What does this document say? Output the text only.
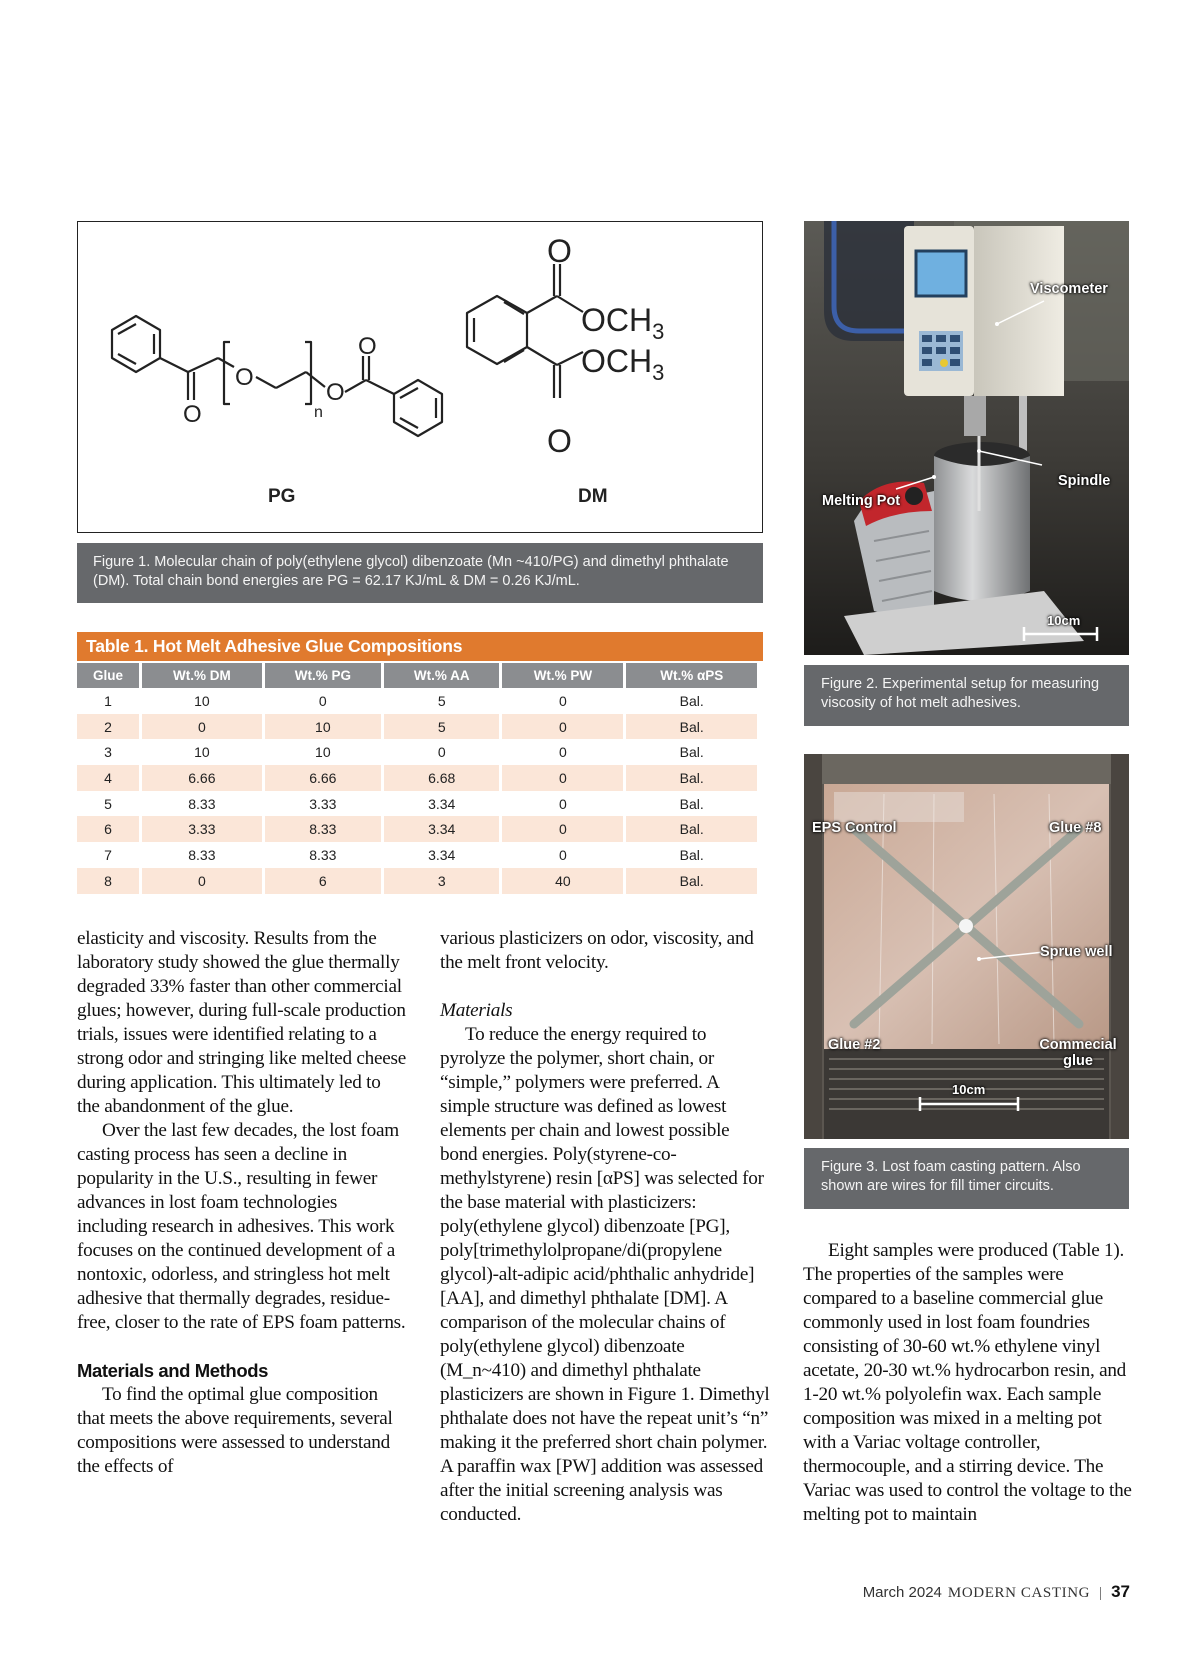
O
O
n
O
O
O
O
$OCH_3$
$OCH_3$
PG	DM
Figure 1. Molecular chain of poly(ethylene glycol) dibenzoate (Mn ~410/PG) and dimethyl phthalate (DM). Total chain bond energies are PG = 62.17 KJ/mL & DM = 0.26 KJ/mL.
Table 1. Hot Melt Adhesive Glue Compositions
Glue	Wt.% DM	Wt.% PG	Wt.% AA	Wt.% PW	Wt.% αPS
1	10	0	5	0	Bal.
2	0	10	5	0	Bal.
3	10	10	0	0	Bal.
4	6.66	6.66	6.68	0	Bal.
5	8.33	3.33	3.34	0	Bal.
6	3.33	8.33	3.34	0	Bal.
7	8.33	8.33	3.34	0	Bal.
8	0	6	3	40	Bal.
Viscometer
Spindle
Melting Pot
10cm
Figure 2. Experimental setup for measuring viscosity of hot melt adhesives.
EPS Control	Glue #8
Sprue well
Glue #2	Commecial glue
10cm
Figure 3. Lost foam casting pattern. Also shown are wires for fill timer circuits.

elasticity and viscosity. Results from the laboratory study showed the glue thermally degraded 33% faster than other commercial glues; however, during full-scale production trials, issues were identified relating to a strong odor and stringing like melted cheese during application. This ultimately led to the abandonment of the glue.

Over the last few decades, the lost foam casting process has seen a decline in popularity in the U.S., resulting in fewer advances in lost foam technologies including research in adhesives. This work focuses on the continued development of a nontoxic, odorless, and stringless hot melt adhesive that thermally degrades, residue-free, closer to the rate of EPS foam patterns.

Materials and Methods

To find the optimal glue composition that meets the above requirements, several compositions were assessed to understand the effects of

various plasticizers on odor, viscosity, and the melt front velocity.

Materials

To reduce the energy required to pyrolyze the polymer, short chain, or “simple,” polymers were preferred. A simple structure was defined as lowest elements per chain and lowest possible bond energies. Poly(styrene-co-methylstyrene) resin [αPS] was selected for the base material with plasticizers: poly(ethylene glycol) dibenzoate [PG], poly[trimethylolpropane/di(propylene glycol)-alt-adipic acid/phthalic anhydride] [AA], and dimethyl phthalate [DM]. A comparison of the molecular chains of poly(ethylene glycol) dibenzoate (M_n~410) and dimethyl phthalate plasticizers are shown in Figure 1. Dimethyl phthalate does not have the repeat unit’s “n” making it the preferred short chain polymer. A paraffin wax [PW] addition was assessed after the initial screening analysis was conducted.

Eight samples were produced (Table 1). The properties of the samples were compared to a baseline commercial glue commonly used in lost foam foundries consisting of 30-60 wt.% ethylene vinyl acetate, 20-30 wt.% hydrocarbon resin, and 1-20 wt.% polyolefin wax. Each sample composition was mixed in a melting pot with a Variac voltage controller, thermocouple, and a stirring device. The Variac was used to control the voltage to the melting pot to maintain

March 2024 MODERN CASTING | 37
